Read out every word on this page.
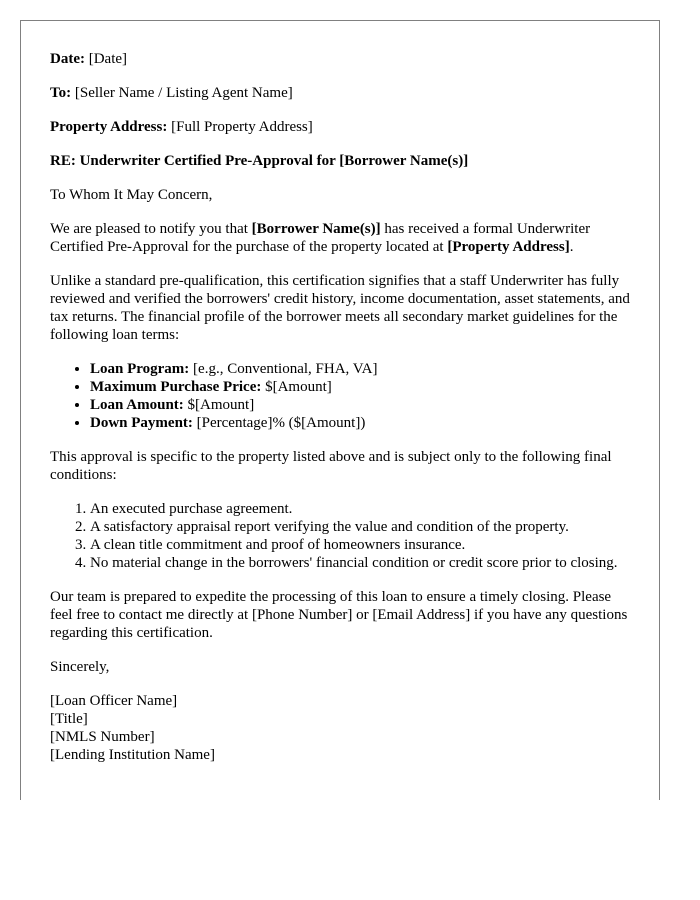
Date: [Date]

To: [Seller Name / Listing Agent Name]

Property Address: [Full Property Address]

RE: Underwriter Certified Pre-Approval for [Borrower Name(s)]

To Whom It May Concern,

We are pleased to notify you that [Borrower Name(s)] has received a formal Underwriter Certified Pre-Approval for the purchase of the property located at [Property Address].

Unlike a standard pre-qualification, this certification signifies that a staff Underwriter has fully reviewed and verified the borrowers' credit history, income documentation, asset statements, and tax returns. The financial profile of the borrower meets all secondary market guidelines for the following loan terms:

• Loan Program: [e.g., Conventional, FHA, VA]
• Maximum Purchase Price: $[Amount]
• Loan Amount: $[Amount]
• Down Payment: [Percentage]% ($[Amount])

This approval is specific to the property listed above and is subject only to the following final conditions:

1. An executed purchase agreement.
2. A satisfactory appraisal report verifying the value and condition of the property.
3. A clean title commitment and proof of homeowners insurance.
4. No material change in the borrowers' financial condition or credit score prior to closing.

Our team is prepared to expedite the processing of this loan to ensure a timely closing. Please feel free to contact me directly at [Phone Number] or [Email Address] if you have any questions regarding this certification.

Sincerely,

[Loan Officer Name]
[Title]
[NMLS Number]
[Lending Institution Name]
